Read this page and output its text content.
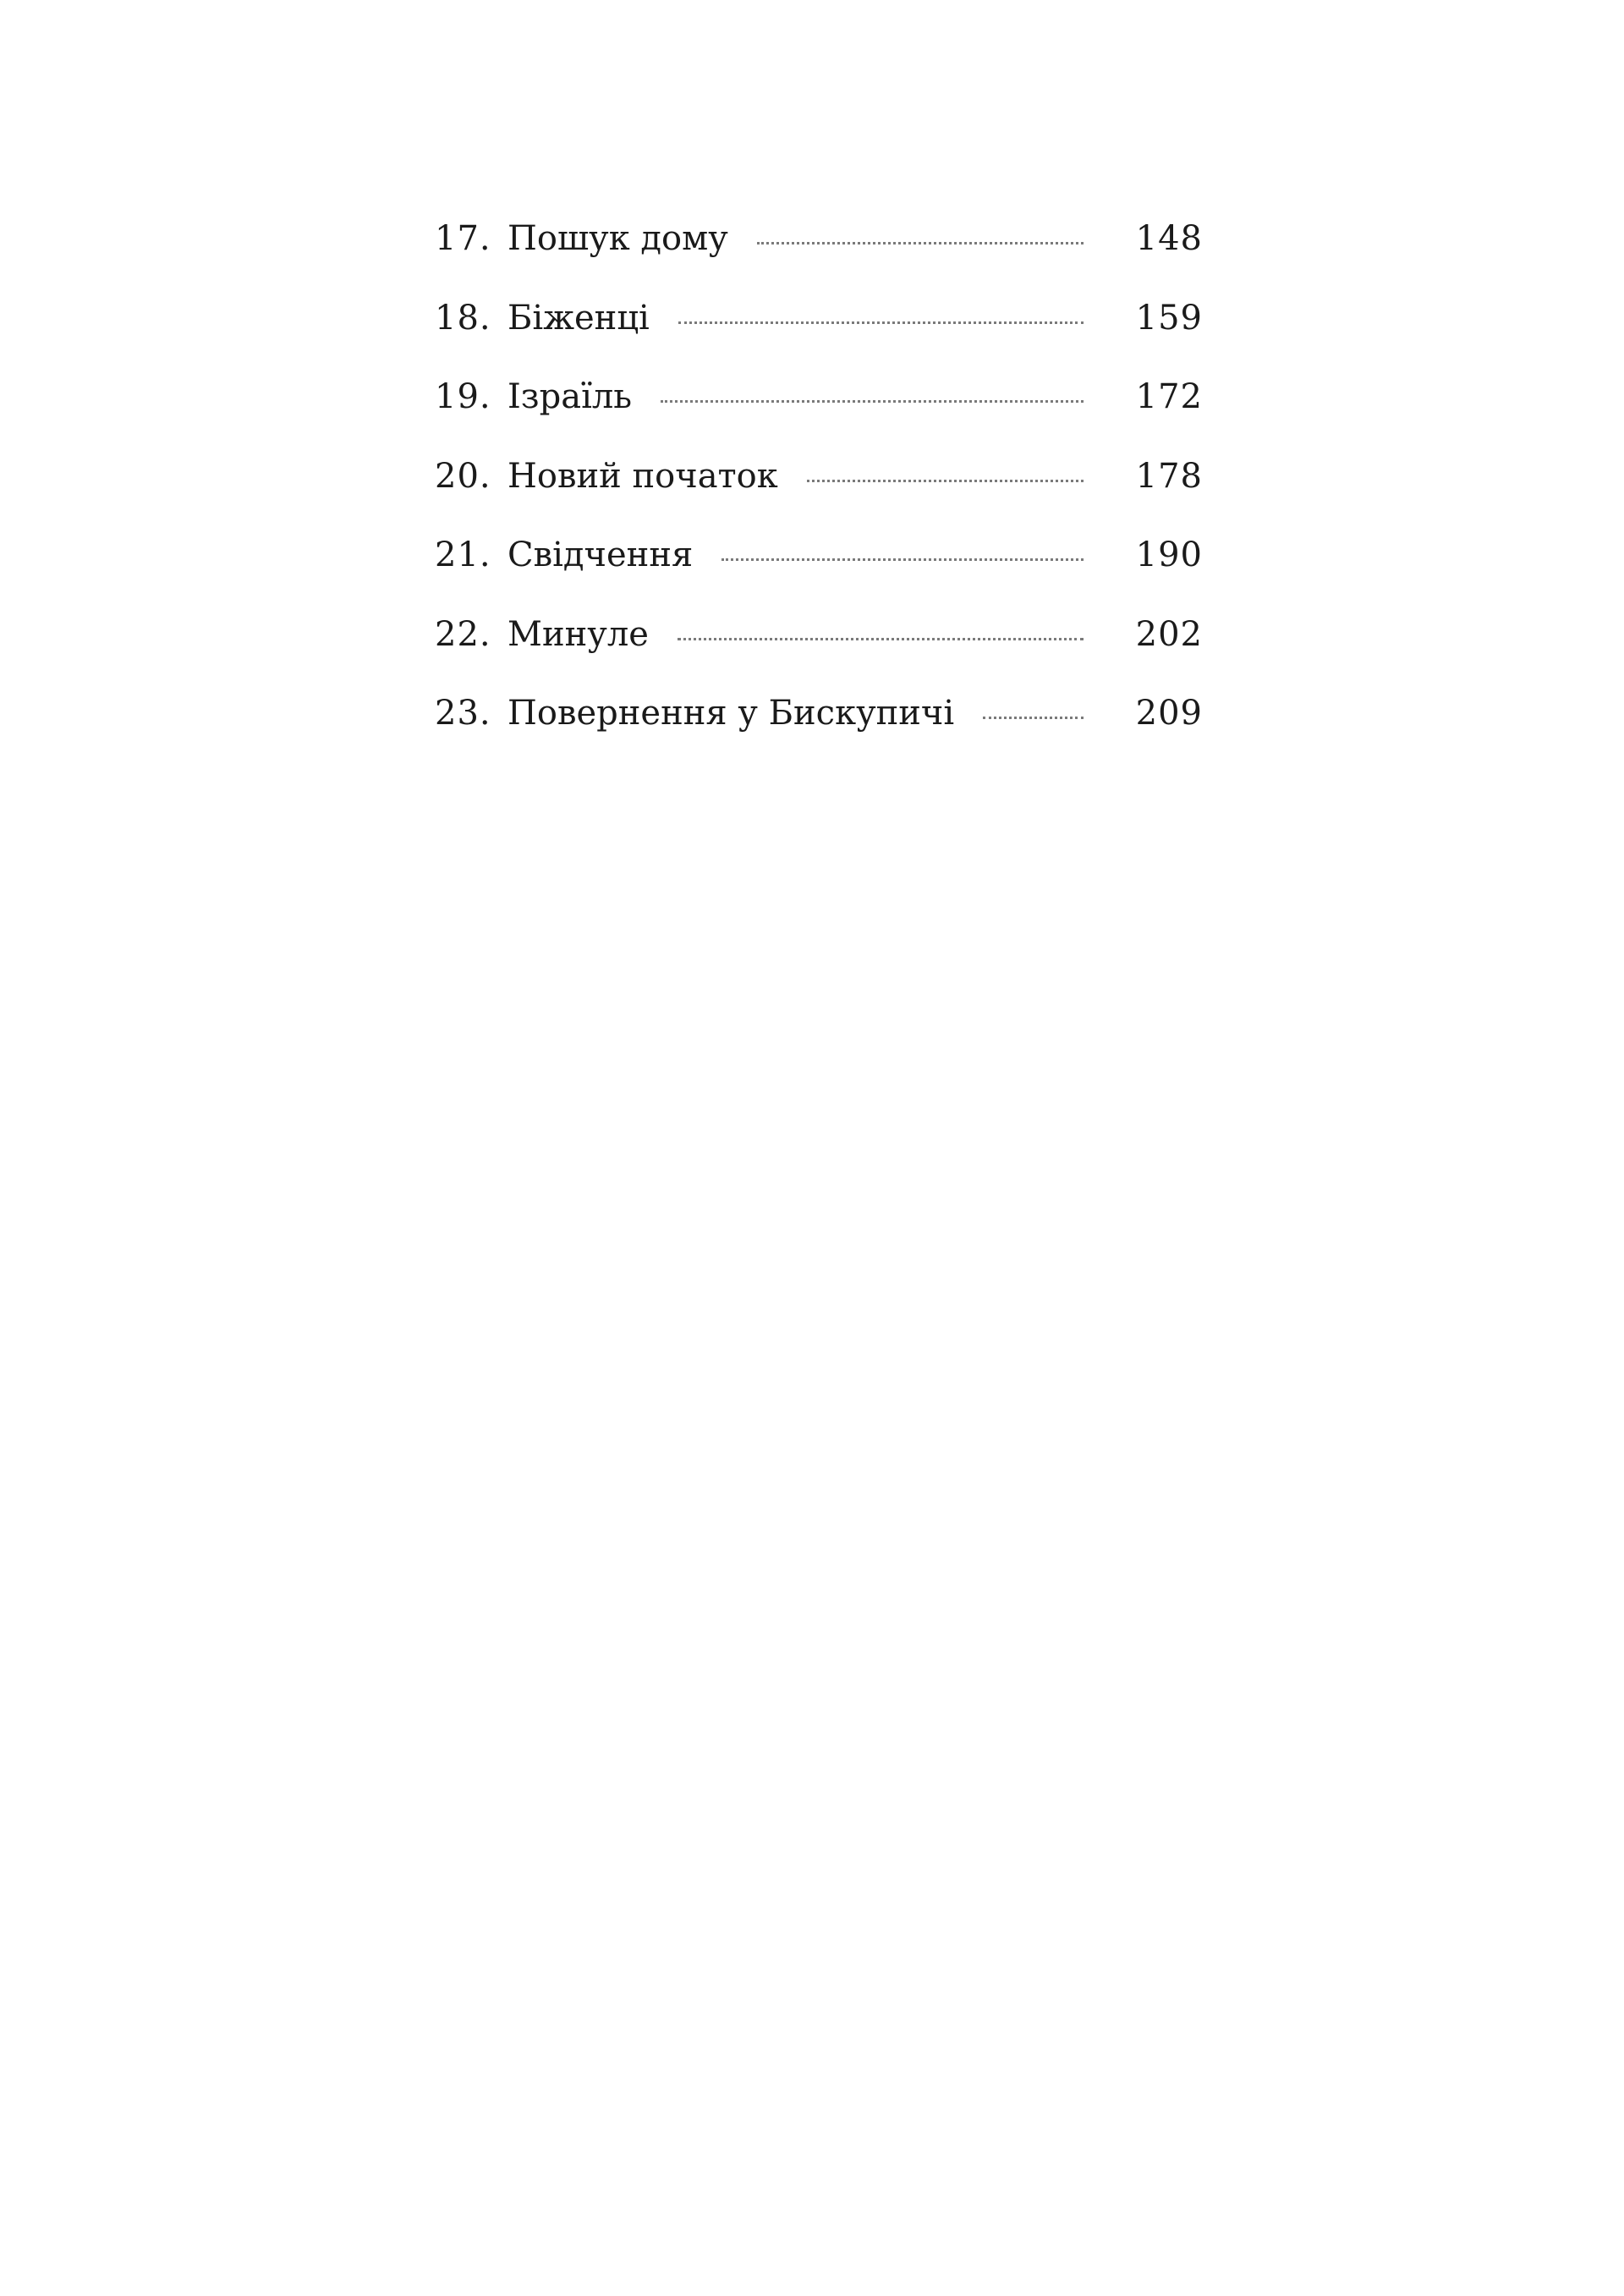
17. Пошук дому	148
18. Біженці	159
19. Ізраїль	172
20. Новий початок	178
21. Свідчення	190
22. Минуле	202
23. Повернення у Бискупичі	209
